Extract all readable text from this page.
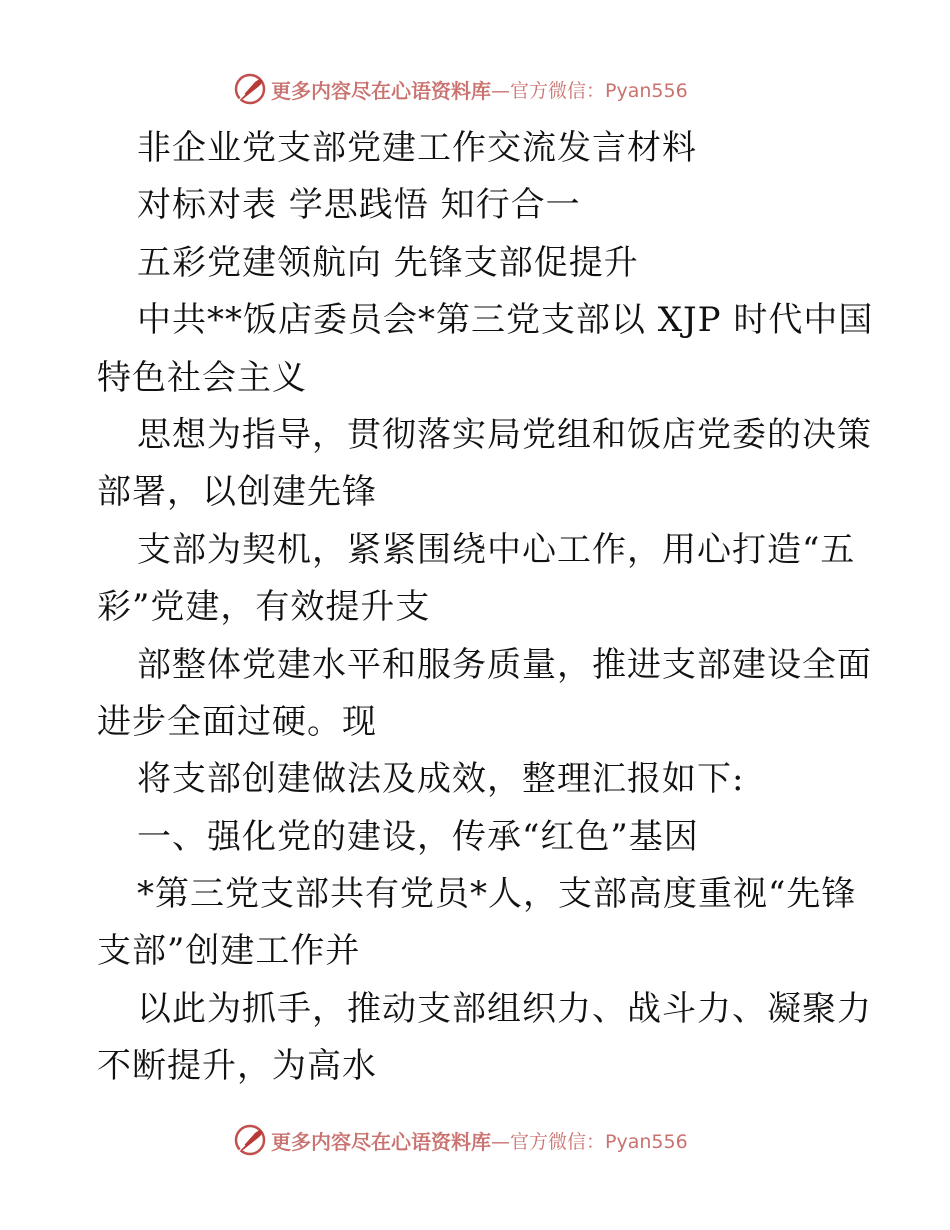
更多内容尽在心语资料库 —官方微信：Pyan556
非企业党支部党建工作交流发言材料
对标对表 学思践悟 知行合一
五彩党建领航向 先锋支部促提升
中共**饭店委员会*第三党支部以 XJP 时代中国
特色社会主义
思想为指导，贯彻落实局党组和饭店党委的决策
部署，以创建先锋
支部为契机，紧紧围绕中心工作，用心打造“五
彩”党建，有效提升支
部整体党建水平和服务质量，推进支部建设全面
进步全面过硬。现
将支部创建做法及成效，整理汇报如下:
一、强化党的建设，传承“红色”基因
*第三党支部共有党员*人，支部高度重视“先锋
支部”创建工作并
以此为抓手，推动支部组织力、战斗力、凝聚力
不断提升，为高水
更多内容尽在心语资料库 —官方微信：Pyan556
